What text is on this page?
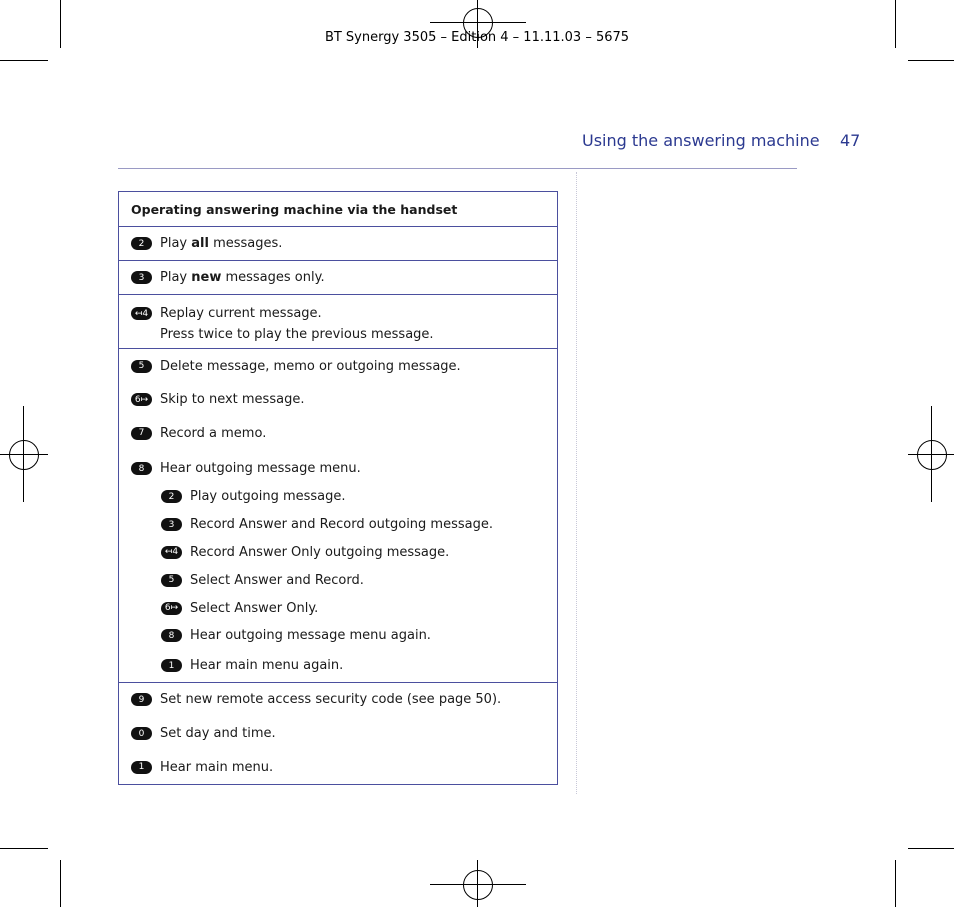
BT Synergy 3505 – Edition 4 – 11.11.03 – 5675
Using the answering machine 47
Operating answering machine via the handset
2	Play all messages.
3	Play new messages only.
↤4 Replay current message.
Press twice to play the previous message.
5	Delete message, memo or outgoing message.
6↦ Skip to next message.
7	Record a memo.
8	Hear outgoing message menu.
2	Play outgoing message.
3	Record Answer and Record outgoing message.
↤4 Record Answer Only outgoing message.
5	Select Answer and Record.
6↦ Select Answer Only.
8	Hear outgoing message menu again.
1	Hear main menu again.
9	Set new remote access security code (see page 50).
0	Set day and time.
1	Hear main menu.
